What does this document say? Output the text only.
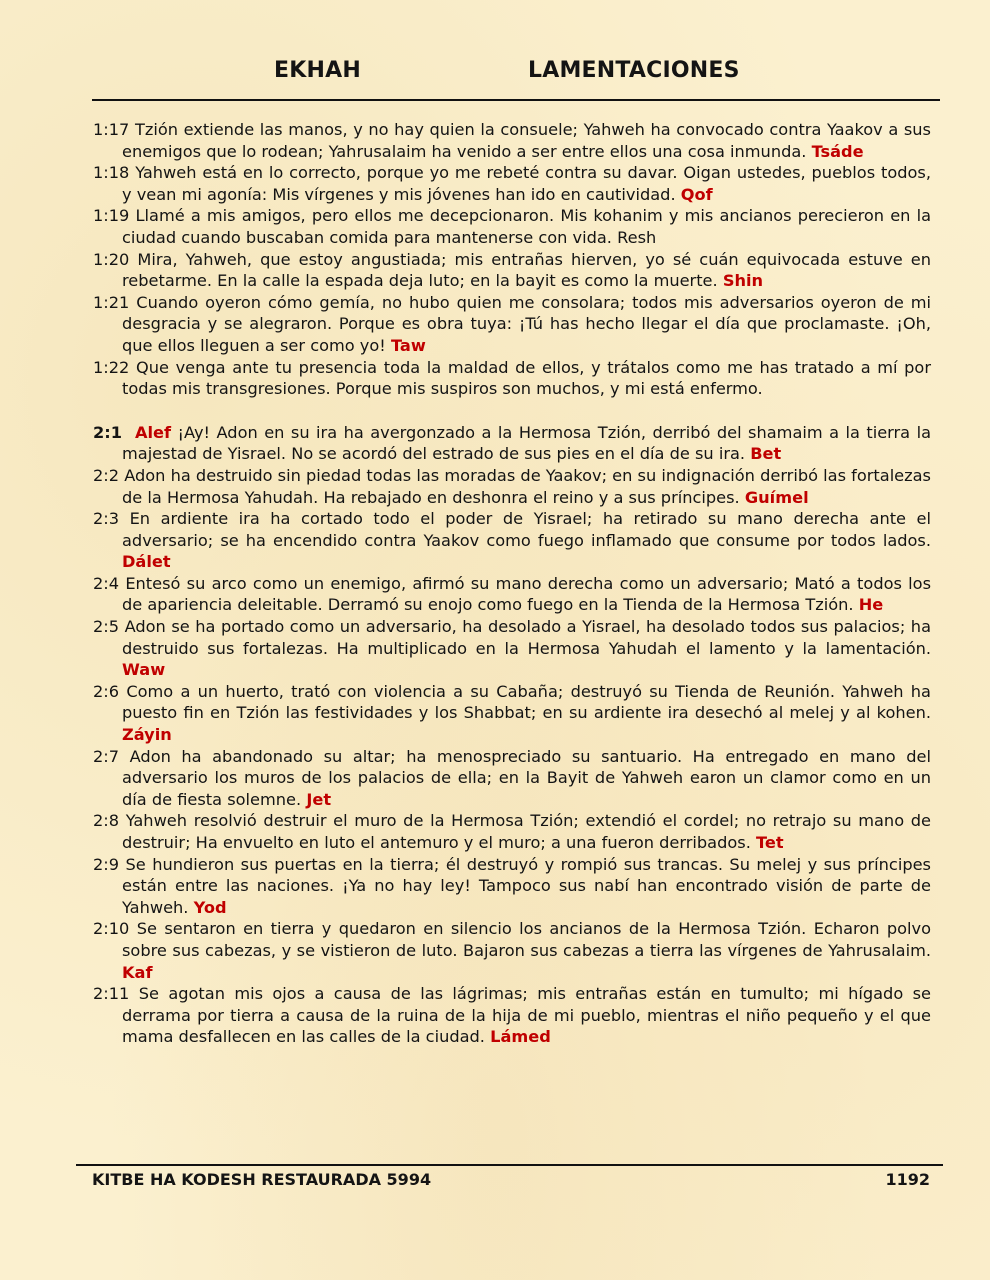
EKHAH	LAMENTACIONES

1:17 Tzión extiende las manos, y no hay quien la consuele; Yahweh ha convocado contra Yaakov a sus enemigos que lo rodean; Yahrusalaim ha venido a ser entre ellos una cosa inmunda. Tsáde

1:18 Yahweh está en lo correcto, porque yo me rebeté contra su davar. Oigan ustedes, pueblos todos, y vean mi agonía: Mis vírgenes y mis jóvenes han ido en cautividad. Qof

1:19 Llamé a mis amigos, pero ellos me decepcionaron. Mis kohanim y mis ancianos perecieron en la ciudad cuando buscaban comida para mantenerse con vida. Resh

1:20 Mira, Yahweh, que estoy angustiada; mis entrañas hierven, yo sé cuán equivocada estuve en rebetarme. En la calle la espada deja luto; en la bayit es como la muerte. Shin

1:21 Cuando oyeron cómo gemía, no hubo quien me consolara; todos mis adversarios oyeron de mi desgracia y se alegraron. Porque es obra tuya: ¡Tú has hecho llegar el día que proclamaste. ¡Oh, que ellos lleguen a ser como yo! Taw

1:22 Que venga ante tu presencia toda la maldad de ellos, y trátalos como me has tratado a mí por todas mis transgresiones. Porque mis suspiros son muchos, y mi está enfermo.

2:1 Alef ¡Ay! Adon en su ira ha avergonzado a la Hermosa Tzión, derribó del shamaim a la tierra la majestad de Yisrael. No se acordó del estrado de sus pies en el día de su ira. Bet

2:2 Adon ha destruido sin piedad todas las moradas de Yaakov; en su indignación derribó las fortalezas de la Hermosa Yahudah. Ha rebajado en deshonra el reino y a sus príncipes. Guímel

2:3 En ardiente ira ha cortado todo el poder de Yisrael; ha retirado su mano derecha ante el adversario; se ha encendido contra Yaakov como fuego inflamado que consume por todos lados. Dálet

2:4 Entesó su arco como un enemigo, afirmó su mano derecha como un adversario; Mató a todos los de apariencia deleitable. Derramó su enojo como fuego en la Tienda de la Hermosa Tzión. He

2:5 Adon se ha portado como un adversario, ha desolado a Yisrael, ha desolado todos sus palacios; ha destruido sus fortalezas. Ha multiplicado en la Hermosa Yahudah el lamento y la lamentación. Waw

2:6 Como a un huerto, trató con violencia a su Cabaña; destruyó su Tienda de Reunión. Yahweh ha puesto fin en Tzión las festividades y los Shabbat; en su ardiente ira desechó al melej y al kohen. Záyin

2:7 Adon ha abandonado su altar; ha menospreciado su santuario. Ha entregado en mano del adversario los muros de los palacios de ella; en la Bayit de Yahweh earon un clamor como en un día de fiesta solemne. Jet

2:8 Yahweh resolvió destruir el muro de la Hermosa Tzión; extendió el cordel; no retrajo su mano de destruir; Ha envuelto en luto el antemuro y el muro; a una fueron derribados. Tet

2:9 Se hundieron sus puertas en la tierra; él destruyó y rompió sus trancas. Su melej y sus príncipes están entre las naciones. ¡Ya no hay ley! Tampoco sus nabí han encontrado visión de parte de Yahweh. Yod

2:10 Se sentaron en tierra y quedaron en silencio los ancianos de la Hermosa Tzión. Echaron polvo sobre sus cabezas, y se vistieron de luto. Bajaron sus cabezas a tierra las vírgenes de Yahrusalaim. Kaf

2:11 Se agotan mis ojos a causa de las lágrimas; mis entrañas están en tumulto; mi hígado se derrama por tierra a causa de la ruina de la hija de mi pueblo, mientras el niño pequeño y el que mama desfallecen en las calles de la ciudad. Lámed

KITBE HA KODESH RESTAURADA 5994	1192
